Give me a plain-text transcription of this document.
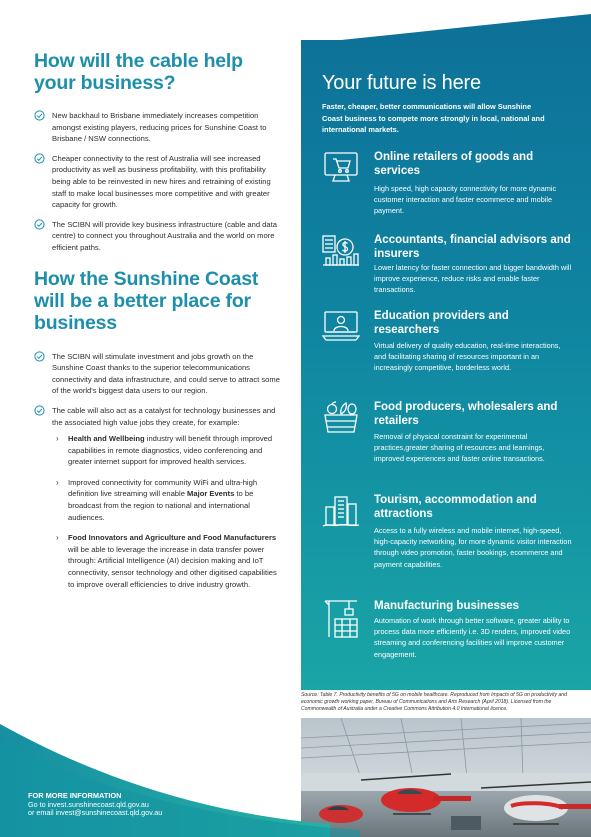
How will the cable help your business?
New backhaul to Brisbane immediately increases competition amongst existing players, reducing prices for Sunshine Coast to Brisbane / NSW connections.
Cheaper connectivity to the rest of Australia will see increased productivity as well as business profitability, with this profitability being able to be reinvested in new hires and retraining of existing staff to make local businesses more competitive and with greater capacity for growth.
The SCIBN will provide key business infrastructure (cable and data centre) to connect you throughout Australia and the world on more efficient paths.
How the Sunshine Coast will be a better place for business
The SCIBN will stimulate investment and jobs growth on the Sunshine Coast thanks to the superior telecommunications connectivity and data infrastructure, and could serve to attract some of the world's biggest data users to our region.
The cable will also act as a catalyst for technology businesses and the associated high value jobs they create, for example:
› Health and Wellbeing industry will benefit through improved capabilities in remote diagnostics, video conferencing and greater internet support for improved health services.
› Improved connectivity for community WiFi and ultra-high definition live streaming will enable Major Events to be broadcast from the region to national and international audiences.
› Food Innovators and Agriculture and Food Manufacturers will be able to leverage the increase in data transfer power through: Artificial Intelligence (AI) decision making and IoT connectivity, sensor technology and other digitised capabilities to improve overall efficiencies to drive industry growth.
Your future is here
Faster, cheaper, better communications will allow Sunshine Coast business to compete more strongly in local, national and international markets.
Online retailers of goods and services
High speed, high capacity connectivity for more dynamic customer interaction and faster ecommerce and mobile payment.
Accountants, financial advisors and insurers
Lower latency for faster connection and bigger bandwidth will improve experience, reduce risks and enable faster transactions.
Education providers and researchers
Virtual delivery of quality education, real-time interactions, and facilitating sharing of resources important in an increasingly competitive, borderless world.
Food producers, wholesalers and retailers
Removal of physical constraint for experimental practices,greater sharing of resources and learnings, improved experiences and faster online transactions.
Tourism, accommodation and attractions
Access to a fully wireless and mobile internet, high-speed, high-capacity networking, for more dynamic visitor interaction through video promotion, faster bookings, ecommerce and payment capabilities.
Manufacturing businesses
Automation of work through better software, greater ability to process data more efficiently i.e. 3D renders, improved video streaming and conferencing facilities will improve customer engagement.
Source: Table 7. Productivity benefits of 5G on mobile healthcare. Reproduced from Impacts of 5G on productivity and economic growth working paper, Bureau of Communications and Arts Research (April 2018). Licensed from the Commonwealth of Australia under a Creative Commons Attribution 4.0 International licence.
FOR MORE INFORMATION
Go to invest.sunshinecoast.qld.gov.au
or email invest@sunshinecoast.qld.gov.au
